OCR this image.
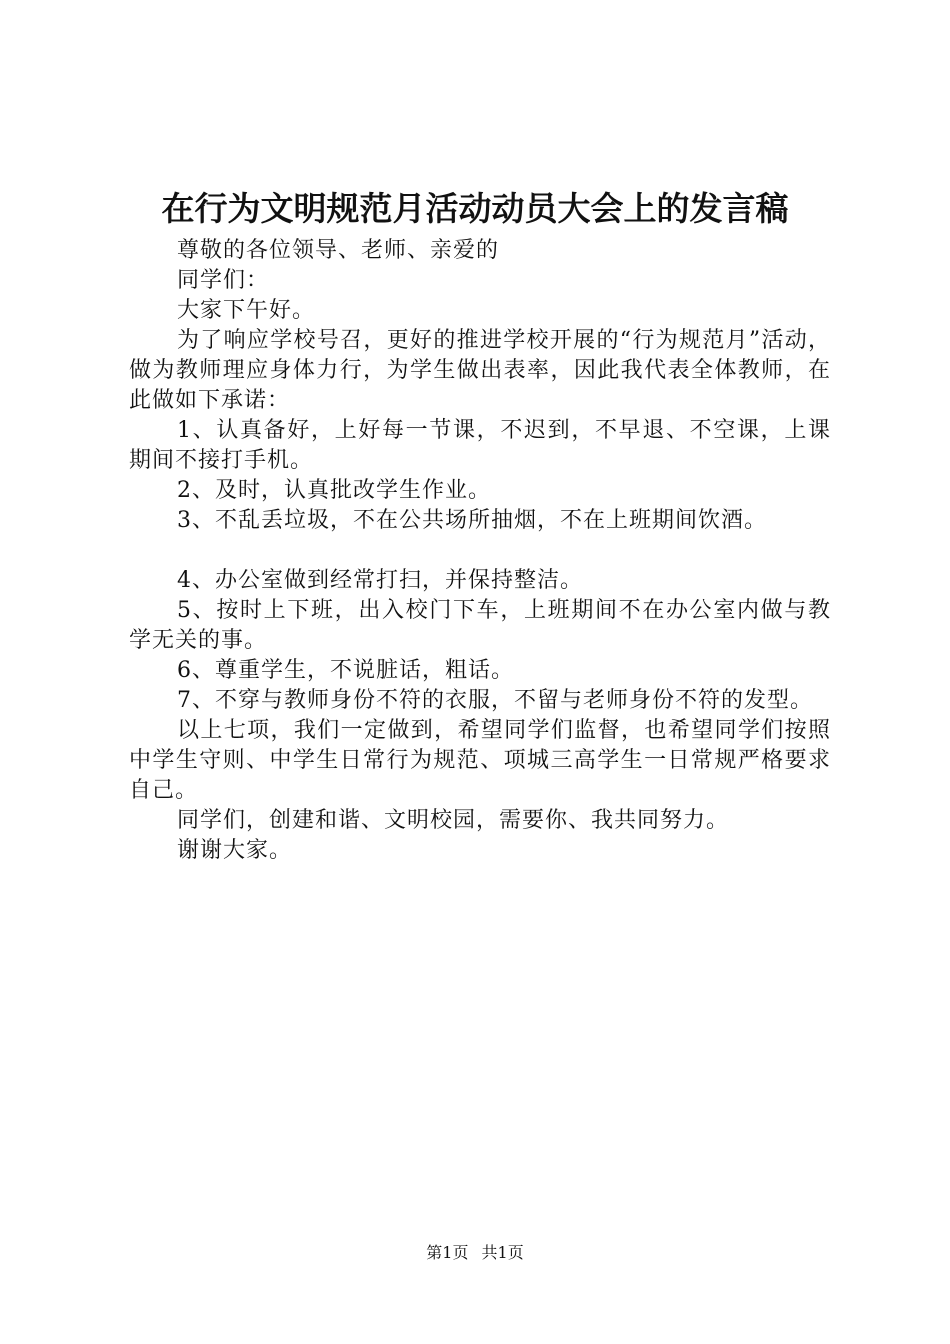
在行为文明规范月活动动员大会上的发言稿

尊敬的各位领导、老师、亲爱的

同学们：

大家下午好。

为了响应学校号召，更好的推进学校开展的“行为规范月”活动，做为教师理应身体力行，为学生做出表率，因此我代表全体教师，在此做如下承诺：

1、认真备好，上好每一节课，不迟到，不早退、不空课，上课期间不接打手机。

2、及时，认真批改学生作业。

3、不乱丢垃圾，不在公共场所抽烟，不在上班期间饮酒。

4、办公室做到经常打扫，并保持整洁。

5、按时上下班，出入校门下车，上班期间不在办公室内做与教学无关的事。

6、尊重学生，不说脏话，粗话。

7、不穿与教师身份不符的衣服，不留与老师身份不符的发型。

以上七项，我们一定做到，希望同学们监督，也希望同学们按照中学生守则、中学生日常行为规范、项城三高学生一日常规严格要求自己。

同学们，创建和谐、文明校园，需要你、我共同努力。

谢谢大家。

第1页 共1页
